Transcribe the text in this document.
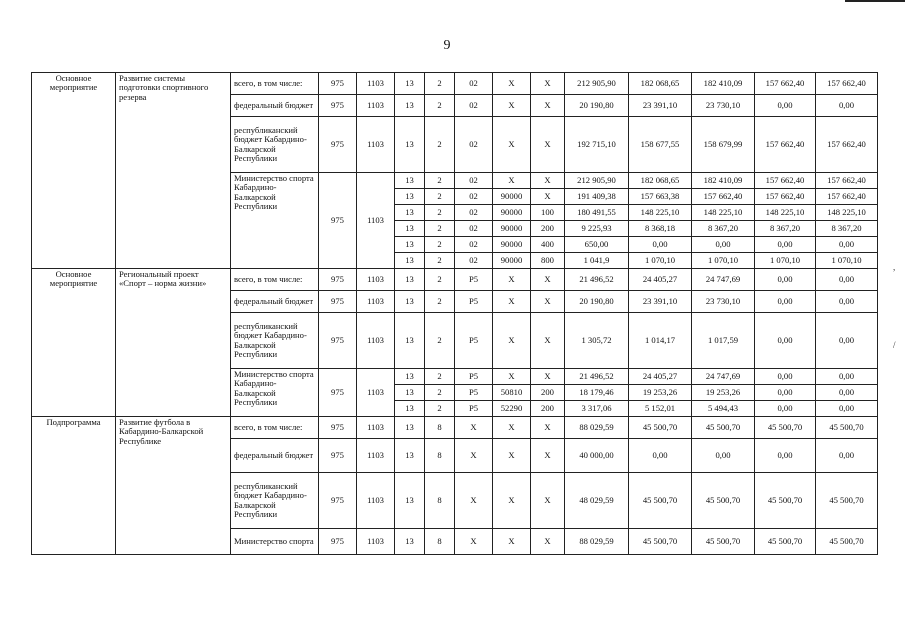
9
,
/
Основное мероприятие	Развитие системы подготовки спортивного резерва	всего, в том числе:	975	1103	13	2	02	X	X	212 905,90	182 068,65	182 410,09	157 662,40	157 662,40
		федеральный бюджет	975	1103	13	2	02	X	X	20 190,80	23 391,10	23 730,10	0,00	0,00
		республиканский бюджет Кабардино-Балкарской Республики	975	1103	13	2	02	X	X	192 715,10	158 677,55	158 679,99	157 662,40	157 662,40
		Министерство спорта Кабардино-Балкарской Республики	975	1103	13	2	02	X	X	212 905,90	182 068,65	182 410,09	157 662,40	157 662,40
					13	2	02	90000	X	191 409,38	157 663,38	157 662,40	157 662,40	157 662,40
					13	2	02	90000	100	180 491,55	148 225,10	148 225,10	148 225,10	148 225,10
					13	2	02	90000	200	9 225,93	8 368,18	8 367,20	8 367,20	8 367,20
					13	2	02	90000	400	650,00	0,00	0,00	0,00	0,00
					13	2	02	90000	800	1 041,9	1 070,10	1 070,10	1 070,10	1 070,10
Основное мероприятие	Региональный проект «Спорт – норма жизни»	всего, в том числе:	975	1103	13	2	P5	X	X	21 496,52	24 405,27	24 747,69	0,00	0,00
		федеральный бюджет	975	1103	13	2	P5	X	X	20 190,80	23 391,10	23 730,10	0,00	0,00
		республиканский бюджет Кабардино-Балкарской Республики	975	1103	13	2	P5	X	X	1 305,72	1 014,17	1 017,59	0,00	0,00
		Министерство спорта Кабардино-Балкарской Республики	975	1103	13	2	P5	X	X	21 496,52	24 405,27	24 747,69	0,00	0,00
					13	2	P5	50810	200	18 179,46	19 253,26	19 253,26	0,00	0,00
					13	2	P5	52290	200	3 317,06	5 152,01	5 494,43	0,00	0,00
Подпрограмма	Развитие футбола в Кабардино-Балкарской Республике	всего, в том числе:	975	1103	13	8	X	X	X	88 029,59	45 500,70	45 500,70	45 500,70	45 500,70
		федеральный бюджет	975	1103	13	8	X	X	X	40 000,00	0,00	0,00	0,00	0,00
		республиканский бюджет Кабардино-Балкарской Республики	975	1103	13	8	X	X	X	48 029,59	45 500,70	45 500,70	45 500,70	45 500,70
		Министерство спорта	975	1103	13	8	X	X	X	88 029,59	45 500,70	45 500,70	45 500,70	45 500,70
